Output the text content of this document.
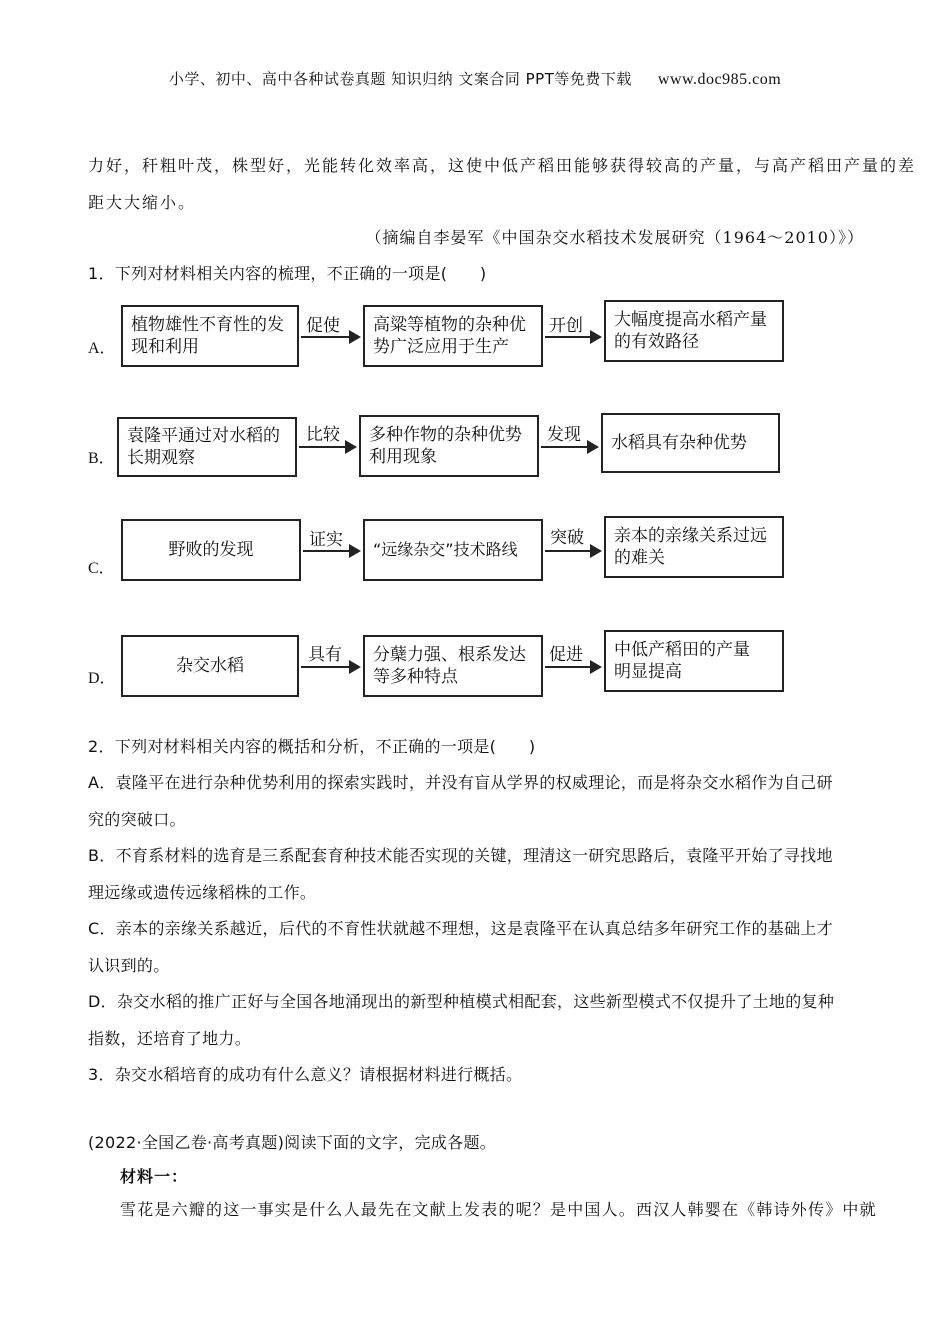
小学、初中、高中各种试卷真题 知识归纳 文案合同 PPT等免费下载 www.doc985.com
力好，秆粗叶茂，株型好，光能转化效率高，这使中低产稻田能够获得较高的产量，与高产稻田产量的差
距大大缩小。
（摘编自李晏军《中国杂交水稻技术发展研究（1964～2010）》）
1．下列对材料相关内容的梳理，不正确的一项是(　　)
A．
植物雄性不育性的发
现和利用
促使 高粱等植物的杂种优
势广泛应用于生产
开创 大幅度提高水稻产量
的有效路径
B．
袁隆平通过对水稻的
长期观察
比较 多种作物的杂种优势
利用现象
发现 水稻具有杂种优势
C．
野败的发现	证实 “远缘杂交”技术路线
突破 亲本的亲缘关系过远
的难关
D．
杂交水稻
具有 分蘖力强、根系发达
等多种特点
促进 中低产稻田的产量
明显提高
2．下列对材料相关内容的概括和分析，不正确的一项是(　　)
A．袁隆平在进行杂种优势利用的探索实践时，并没有盲从学界的权威理论，而是将杂交水稻作为自己研
究的突破口。
B．不育系材料的选育是三系配套育种技术能否实现的关键，理清这一研究思路后，袁隆平开始了寻找地
理远缘或遗传远缘稻株的工作。
C．亲本的亲缘关系越近，后代的不育性状就越不理想，这是袁隆平在认真总结多年研究工作的基础上才
认识到的。
D．杂交水稻的推广正好与全国各地涌现出的新型种植模式相配套，这些新型模式不仅提升了土地的复种
指数，还培育了地力。
3．杂交水稻培育的成功有什么意义？请根据材料进行概括。
(2022·全国乙卷·高考真题)阅读下面的文字，完成各题。
材料一：
雪花是六瓣的这一事实是什么人最先在文献上发表的呢？是中国人。西汉人韩婴在《韩诗外传》中就
